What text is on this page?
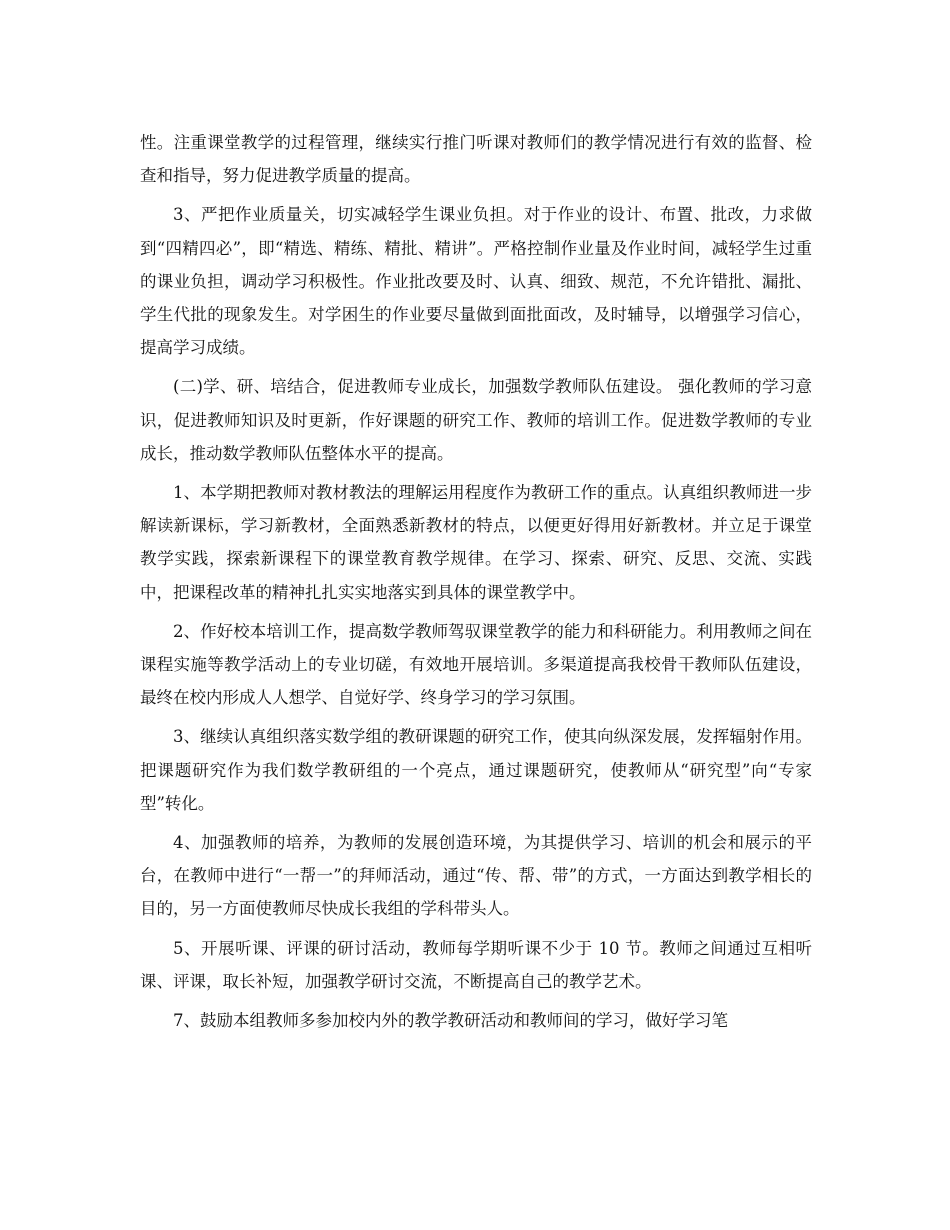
性。注重课堂教学的过程管理，继续实行推门听课对教师们的教学情况进行有效的监督、检查和指导，努力促进教学质量的提高。

3、严把作业质量关，切实减轻学生课业负担。对于作业的设计、布置、批改，力求做到“四精四必”，即“精选、精练、精批、精讲”。严格控制作业量及作业时间，减轻学生过重的课业负担，调动学习积极性。作业批改要及时、认真、细致、规范，不允许错批、漏批、学生代批的现象发生。对学困生的作业要尽量做到面批面改，及时辅导，以增强学习信心，提高学习成绩。

(二)学、研、培结合，促进教师专业成长，加强数学教师队伍建设。 强化教师的学习意识，促进教师知识及时更新，作好课题的研究工作、教师的培训工作。促进数学教师的专业成长，推动数学教师队伍整体水平的提高。

1、本学期把教师对教材教法的理解运用程度作为教研工作的重点。认真组织教师进一步解读新课标，学习新教材，全面熟悉新教材的特点，以便更好得用好新教材。并立足于课堂教学实践，探索新课程下的课堂教育教学规律。在学习、探索、研究、反思、交流、实践中，把课程改革的精神扎扎实实地落实到具体的课堂教学中。

2、作好校本培训工作，提高数学教师驾驭课堂教学的能力和科研能力。利用教师之间在课程实施等教学活动上的专业切磋，有效地开展培训。多渠道提高我校骨干教师队伍建设，最终在校内形成人人想学、自觉好学、终身学习的学习氛围。

3、继续认真组织落实数学组的教研课题的研究工作，使其向纵深发展，发挥辐射作用。把课题研究作为我们数学教研组的一个亮点，通过课题研究，使教师从“研究型”向“专家型”转化。

4、加强教师的培养，为教师的发展创造环境，为其提供学习、培训的机会和展示的平台，在教师中进行“一帮一”的拜师活动，通过“传、帮、带”的方式，一方面达到教学相长的目的，另一方面使教师尽快成长我组的学科带头人。

5、开展听课、评课的研讨活动，教师每学期听课不少于 10 节。教师之间通过互相听课、评课，取长补短，加强教学研讨交流，不断提高自己的教学艺术。

7、鼓励本组教师多参加校内外的教学教研活动和教师间的学习，做好学习笔
